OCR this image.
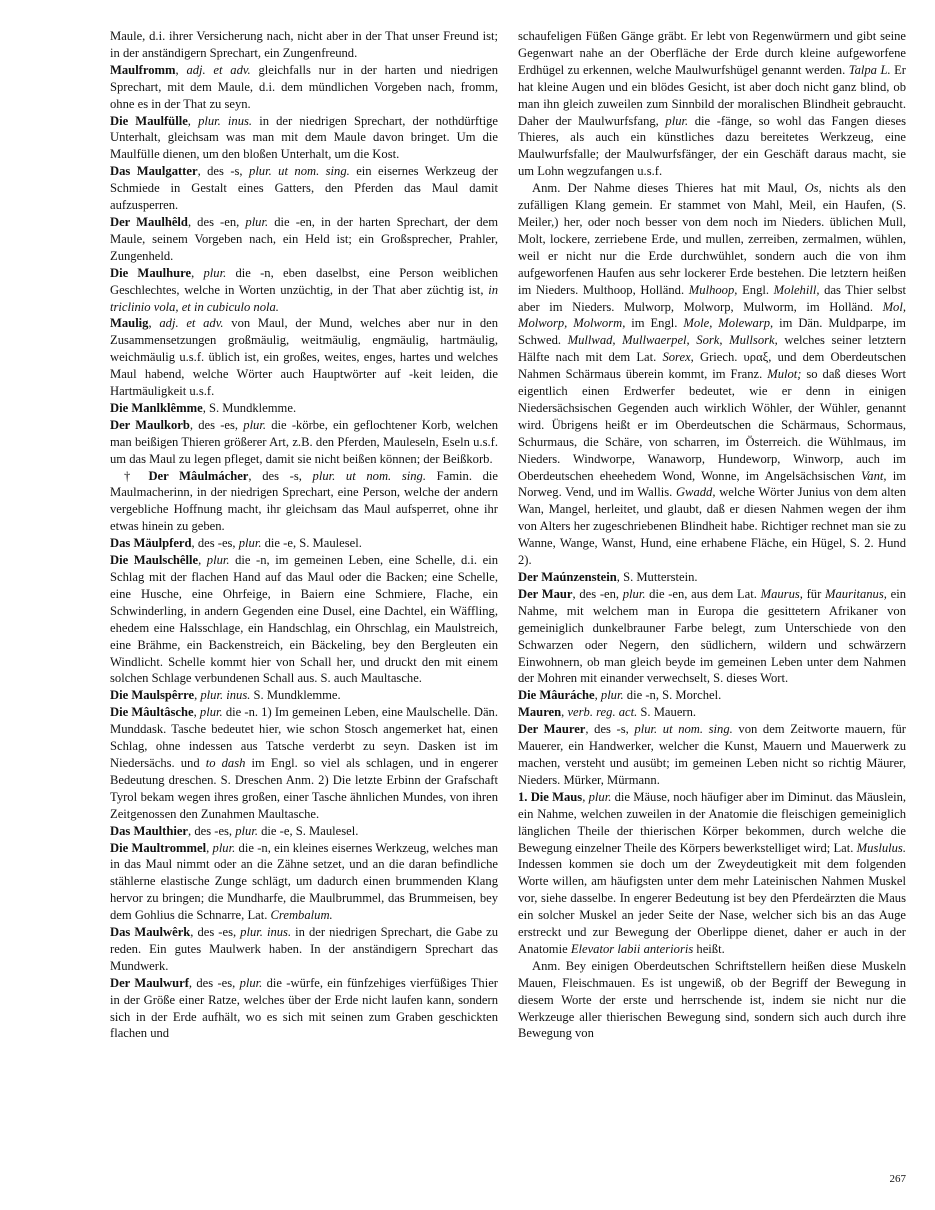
Maule, d.i. ihrer Versicherung nach, nicht aber in der That unser Freund ist; in der anständigern Sprechart, ein Zungenfreund.

Maulfromm, adj. et adv. gleichfalls nur in der harten und niedrigen Sprechart, mit dem Maule, d.i. dem mündlichen Vorgeben nach, fromm, ohne es in der That zu seyn.

Die Maulfülle, plur. inus. in der niedrigen Sprechart, der nothdürftige Unterhalt, gleichsam was man mit dem Maule davon bringet. Um die Maulfülle dienen, um den bloßen Unterhalt, um die Kost.

Das Maulgatter, des -s, plur. ut nom. sing. ein eisernes Werkzeug der Schmiede in Gestalt eines Gatters, den Pferden das Maul damit aufzusperren.

Der Maulhêld, des -en, plur. die -en, in der harten Sprechart, der dem Maule, seinem Vorgeben nach, ein Held ist; ein Großsprecher, Prahler, Zungenheld.

Die Maulhure, plur. die -n, eben daselbst, eine Person weiblichen Geschlechtes, welche in Worten unzüchtig, in der That aber züchtig ist, in triclinio vola, et in cubiculo nola.

Maulig, adj. et adv. von Maul, der Mund, welches aber nur in den Zusammensetzungen großmäulig, weitmäulig, engmäulig, hartmäulig, weichmäulig u.s.f. üblich ist, ein großes, weites, enges, hartes und welches Maul habend, welche Wörter auch Hauptwörter auf -keit leiden, die Hartmäuligkeit u.s.f.

Die Manlklêmme, S. Mundklemme.

Der Maulkorb, des -es, plur. die -körbe, ein geflochtener Korb, welchen man beißigen Thieren größerer Art, z.B. den Pferden, Mauleseln, Eseln u.s.f. um das Maul zu legen pfleget, damit sie nicht beißen können; der Beißkorb.

† Der Mâulmácher, des -s, plur. ut nom. sing. Famin. die Maulmacherinn, in der niedrigen Sprechart, eine Person, welche der andern vergebliche Hoffnung macht, ihr gleichsam das Maul aufsperret, ohne ihr etwas hinein zu geben.

Das Mäulpferd, des -es, plur. die -e, S. Maulesel.

Die Maulschêlle, plur. die -n, im gemeinen Leben, eine Schelle, d.i. ein Schlag mit der flachen Hand auf das Maul oder die Backen; eine Schelle, eine Husche, eine Ohrfeige, in Baiern eine Schmiere, Flache, ein Schwinderling, in andern Gegenden eine Dusel, eine Dachtel, ein Wäffling, ehedem eine Halsschlage, ein Handschlag, ein Ohrschlag, ein Maulstreich, eine Brähme, ein Backenstreich, ein Bäckeling, bey den Bergleuten ein Windlicht. Schelle kommt hier von Schall her, und druckt den mit einem solchen Schlage verbundenen Schall aus. S. auch Maultasche.

Die Maulspêrre, plur. inus. S. Mundklemme.

Die Mâultâsche, plur. die -n. 1) Im gemeinen Leben, eine Maulschelle. Dän. Munddask. Tasche bedeutet hier, wie schon Stosch angemerket hat, einen Schlag, ohne indessen aus Tatsche verderbt zu seyn. Dasken ist im Niedersächs. und to dash im Engl. so viel als schlagen, und in engerer Bedeutung dreschen. S. Dreschen Anm. 2) Die letzte Erbinn der Grafschaft Tyrol bekam wegen ihres großen, einer Tasche ähnlichen Mundes, von ihren Zeitgenossen den Zunahmen Maultasche.

Das Maulthier, des -es, plur. die -e, S. Maulesel.

Die Maultrommel, plur. die -n, ein kleines eisernes Werkzeug, welches man in das Maul nimmt oder an die Zähne setzet, und an die daran befindliche stählerne elastische Zunge schlägt, um dadurch einen brummenden Klang hervor zu bringen; die Mundharfe, die Maulbrummel, das Brummeisen, bey dem Gohlius die Schnarre, Lat. Crembalum.

Das Maulwêrk, des -es, plur. inus. in der niedrigen Sprechart, die Gabe zu reden. Ein gutes Maulwerk haben. In der anständigern Sprechart das Mundwerk.

Der Maulwurf, des -es, plur. die -würfe, ein fünfzehiges vierfüßiges Thier in der Größe einer Ratze, welches über der Erde nicht laufen kann, sondern sich in der Erde aufhält, wo es sich mit seinen zum Graben geschickten flachen und

schaufeligen Füßen Gänge gräbt. Er lebt von Regenwürmern und gibt seine Gegenwart nahe an der Oberfläche der Erde durch kleine aufgeworfene Erdhügel zu erkennen, welche Maulwurfshügel genannt werden. Talpa L. Er hat kleine Augen und ein blödes Gesicht, ist aber doch nicht ganz blind, ob man ihn gleich zuweilen zum Sinnbild der moralischen Blindheit gebraucht. Daher der Maulwurfsfang, plur. die -fänge, so wohl das Fangen dieses Thieres, als auch ein künstliches dazu bereitetes Werkzeug, eine Maulwurfsfalle; der Maulwurfsfänger, der ein Geschäft daraus macht, sie um Lohn wegzufangen u.s.f.

Anm. Der Nahme dieses Thieres hat mit Maul, Os, nichts als den zufälligen Klang gemein. Er stammet von Mahl, Meil, ein Haufen, (S. Meiler,) her, oder noch besser von dem noch im Nieders. üblichen Mull, Molt, lockere, zerriebene Erde, und mullen, zerreiben, zermalmen, wühlen, weil er nicht nur die Erde durchwühlet, sondern auch die von ihm aufgeworfenen Haufen aus sehr lockerer Erde bestehen. Die letztern heißen im Nieders. Multhoop, Holländ. Mulhoop, Engl. Molehill, das Thier selbst aber im Nieders. Mulworp, Molworp, Mulworm, im Holländ. Mol, Molworp, Molworm, im Engl. Mole, Molewarp, im Dän. Muldparpe, im Schwed. Mullwad, Mullwaerpel, Sork, Mullsork, welches seiner letztern Hälfte nach mit dem Lat. Sorex, Griech. υραξ, und dem Oberdeutschen Nahmen Schärmaus überein kommt, im Franz. Mulot; so daß dieses Wort eigentlich einen Erdwerfer bedeutet, wie er denn in einigen Niedersächsischen Gegenden auch wirklich Wöhler, der Wühler, genannt wird. Übrigens heißt er im Oberdeutschen die Schärmaus, Schormaus, Schurmaus, die Schäre, von scharren, im Österreich. die Wühlmaus, im Nieders. Windworpe, Wanaworp, Hundeworp, Winworp, auch im Oberdeutschen eheehedem Wond, Wonne, im Angelsächsischen Vant, im Norweg. Vend, und im Wallis. Gwadd, welche Wörter Junius von dem alten Wan, Mangel, herleitet, und glaubt, daß er diesen Nahmen wegen der ihm von Alters her zugeschriebenen Blindheit habe. Richtiger rechnet man sie zu Wanne, Wange, Wanst, Hund, eine erhabene Fläche, ein Hügel, S. 2. Hund 2).

Der Maúnzenstein, S. Mutterstein.

Der Maur, des -en, plur. die -en, aus dem Lat. Maurus, für Mauritanus, ein Nahme, mit welchem man in Europa die gesittetern Afrikaner von gemeiniglich dunkelbrauner Farbe belegt, zum Unterschiede von den Schwarzen oder Negern, den südlichern, wildern und schwärzern Einwohnern, ob man gleich beyde im gemeinen Leben unter dem Nahmen der Mohren mit einander verwechselt, S. dieses Wort.

Die Mâuráche, plur. die -n, S. Morchel.

Mauren, verb. reg. act. S. Mauern.

Der Maurer, des -s, plur. ut nom. sing. von dem Zeitworte mauern, für Mauerer, ein Handwerker, welcher die Kunst, Mauern und Mauerwerk zu machen, versteht und ausübt; im gemeinen Leben nicht so richtig Mäurer, Nieders. Mürker, Mürmann.

1. Die Maus, plur. die Mäuse, noch häufiger aber im Diminut. das Mäuslein, ein Nahme, welchen zuweilen in der Anatomie die fleischigen gemeiniglich länglichen Theile der thierischen Körper bekommen, durch welche die Bewegung einzelner Theile des Körpers bewerkstelliget wird; Lat. Muslulus. Indessen kommen sie doch um der Zweydeutigkeit mit dem folgenden Worte willen, am häufigsten unter dem mehr Lateinischen Nahmen Muskel vor, siehe dasselbe. In engerer Bedeutung ist bey den Pferdeärzten die Maus ein solcher Muskel an jeder Seite der Nase, welcher sich bis an das Auge erstreckt und zur Bewegung der Oberlippe dienet, daher er auch in der Anatomie Elevator labii anterioris heißt.

Anm. Bey einigen Oberdeutschen Schriftstellern heißen diese Muskeln Mauen, Fleischmauen. Es ist ungewiß, ob der Begriff der Bewegung in diesem Worte der erste und herrschende ist, indem sie nicht nur die Werkzeuge aller thierischen Bewegung sind, sondern sich auch durch ihre Bewegung von

267
